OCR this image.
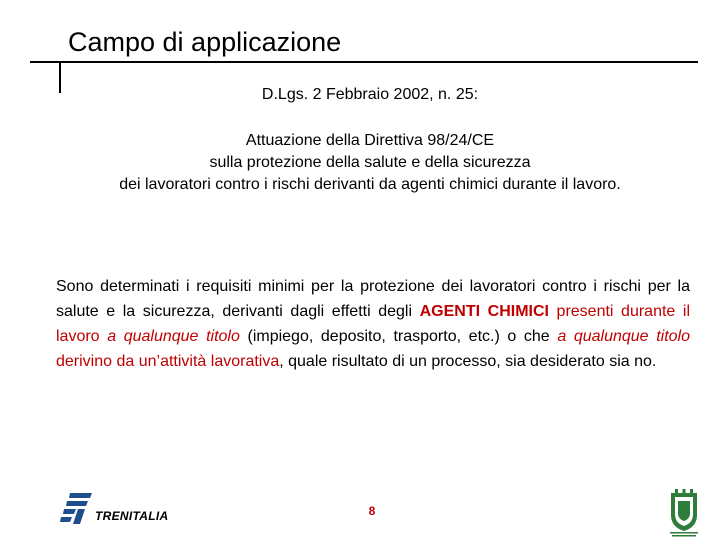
Campo di applicazione
D.Lgs. 2 Febbraio 2002, n. 25:
Attuazione della Direttiva 98/24/CE
sulla protezione della salute e della sicurezza
dei lavoratori contro i rischi derivanti da agenti chimici durante il lavoro.
Sono determinati i requisiti minimi per la protezione dei lavoratori contro i rischi per la salute e la sicurezza, derivanti dagli effetti degli AGENTI CHIMICI presenti durante il lavoro a qualunque titolo (impiego, deposito, trasporto, etc.) o che a qualunque titolo derivino da un’attività lavorativa, quale risultato di un processo, sia desiderato sia no.
TRENITALIA	8
